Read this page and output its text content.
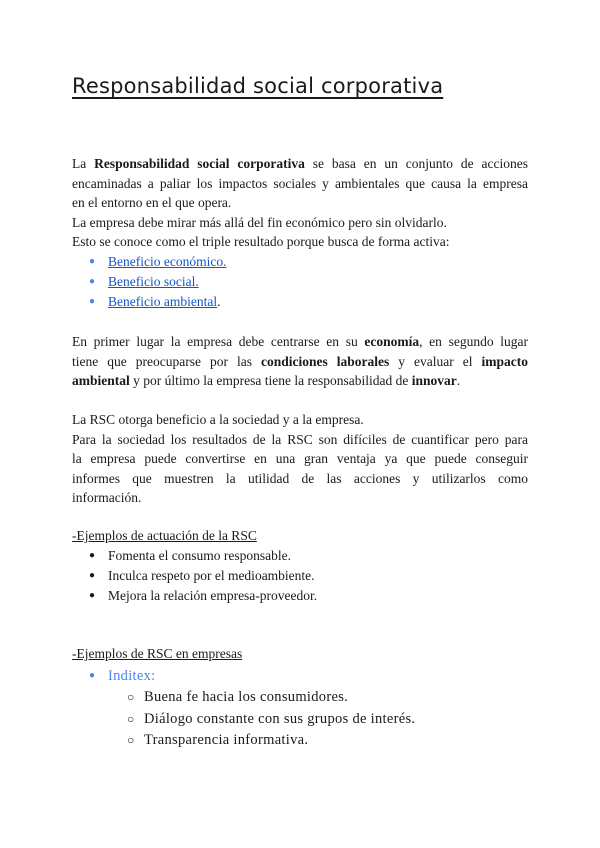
Responsabilidad social corporativa

La Responsabilidad social corporativa se basa en un conjunto de acciones
encaminadas a paliar los impactos sociales y ambientales que causa la empresa
en el entorno en el que opera.
La empresa debe mirar más allá del fin económico pero sin olvidarlo.
Esto se conoce como el triple resultado porque busca de forma activa:

● Beneficio económico.
● Beneficio social.
● Beneficio ambiental.

En primer lugar la empresa debe centrarse en su economía, en segundo lugar
tiene que preocuparse por las condiciones laborales y evaluar el impacto
ambiental y por último la empresa tiene la responsabilidad de innovar.

La RSC otorga beneficio a la sociedad y a la empresa.
Para la sociedad los resultados de la RSC son difíciles de cuantificar pero para
la empresa puede convertirse en una gran ventaja ya que puede conseguir
informes que muestren la utilidad de las acciones y utilizarlos como
información.

-Ejemplos de actuación de la RSC

● Fomenta el consumo responsable.
● Inculca respeto por el medioambiente.
● Mejora la relación empresa-proveedor.

-Ejemplos de RSC en empresas

● Inditex:
○ Buena fe hacia los consumidores.
○ Diálogo constante con sus grupos de interés.
○ Transparencia informativa.
